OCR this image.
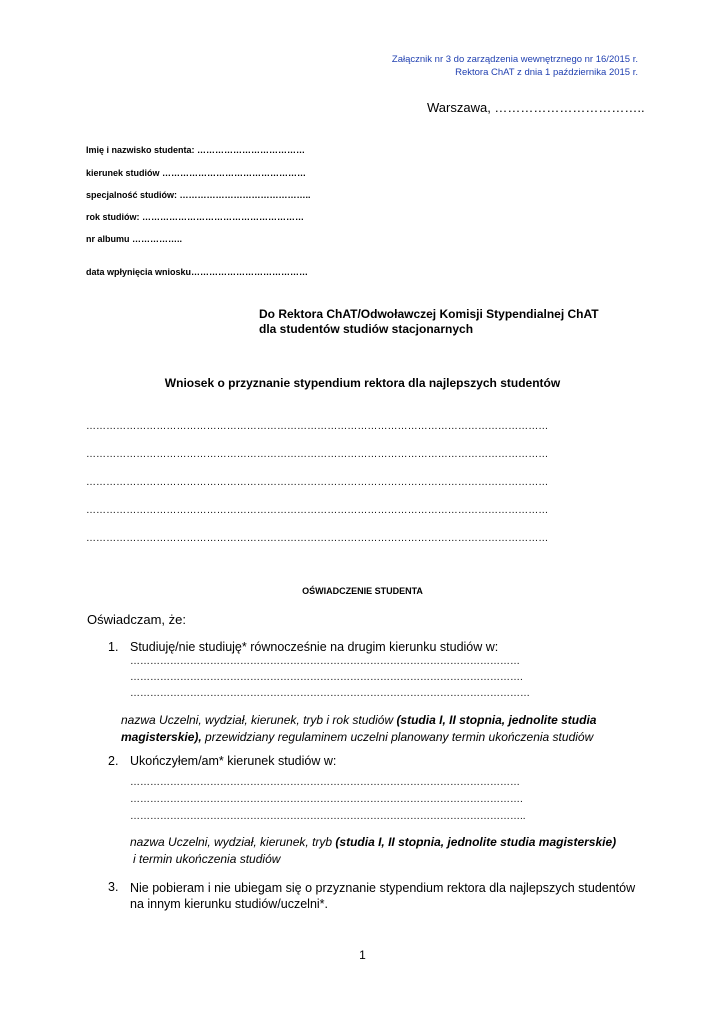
Załącznik nr 3 do zarządzenia wewnętrznego nr 16/2015 r.
Rektora ChAT z dnia 1 października 2015 r.
Warszawa, ……………………………..
Imię i nazwisko studenta: ………………………………
kierunek studiów …………………………………………
specjalność studiów: ……………………………………..
rok studiów: ………………………………………………
nr albumu ……………..
data wpłynięcia wniosku…………………………………
Do Rektora ChAT/Odwoławczej Komisji Stypendialnej ChAT
dla studentów studiów stacjonarnych
Wniosek o przyznanie stypendium rektora dla najlepszych studentów
…………………………………………………………………………………………………………………………
…………………………………………………………………………………………………………………………
…………………………………………………………………………………………………………………………
…………………………………………………………………………………………………………………………
…………………………………………………………………………………………………………………………
OŚWIADCZENIE STUDENTA
Oświadczam, że:
1. Studiuję/nie studiuję* równocześnie na drugim kierunku studiów w:
………………………………………………………………………………………………………
……………………………………………………………………………………………………….
…………………………………………………………………………………………………………
nazwa Uczelni, wydział, kierunek, tryb i rok studiów (studia I, II stopnia, jednolite studia magisterskie), przewidziany regulaminem uczelni planowany termin ukończenia studiów
2. Ukończyłem/am* kierunek studiów w:
………………………………………………………………………………………………………
……………………………………………………………………………………………………….
………………………………………………………………………………………………………..
nazwa Uczelni, wydział, kierunek, tryb (studia I, II stopnia, jednolite studia magisterskie)
i termin ukończenia studiów
3. Nie pobieram i nie ubiegam się o przyznanie stypendium rektora dla najlepszych studentów
na innym kierunku studiów/uczelni*.
1
